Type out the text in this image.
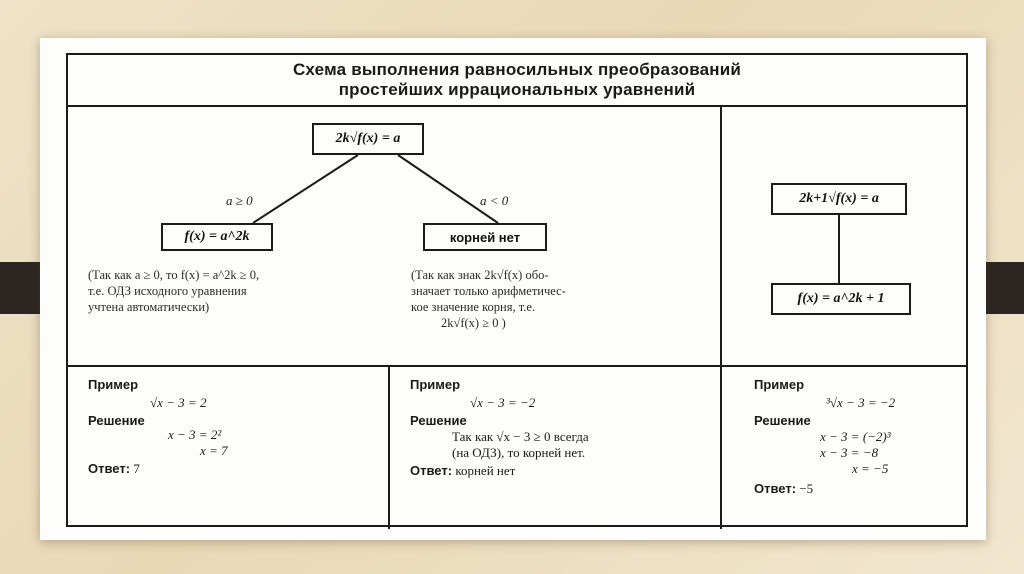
Схема выполнения равносильных преобразований
простейших иррациональных уравнений
2k√f(x) = a
a ≥ 0	a < 0
f(x) = a^2k	корней нет
(Так как a ≥ 0, то f(x) = a^2k ≥ 0,
т.е. ОДЗ исходного уравнения
учтена автоматически)
(Так как знак 2k√f(x) обо-
значает только арифметичес-
кое значение корня, т.е.
2k√f(x) ≥ 0 )
2k+1√f(x) = a
f(x) = a^2k + 1
Пример
√x − 3 = 2
Решение
x − 3 = 2²
x = 7
Ответ: 7
Пример
√x − 3 = −2
Решение
Так как √x − 3 ≥ 0 всегда
(на ОДЗ), то корней нет.
Ответ: корней нет
Пример
³√x − 3 = −2
Решение
x − 3 = (−2)³
x − 3 = −8
x = −5
Ответ: −5
